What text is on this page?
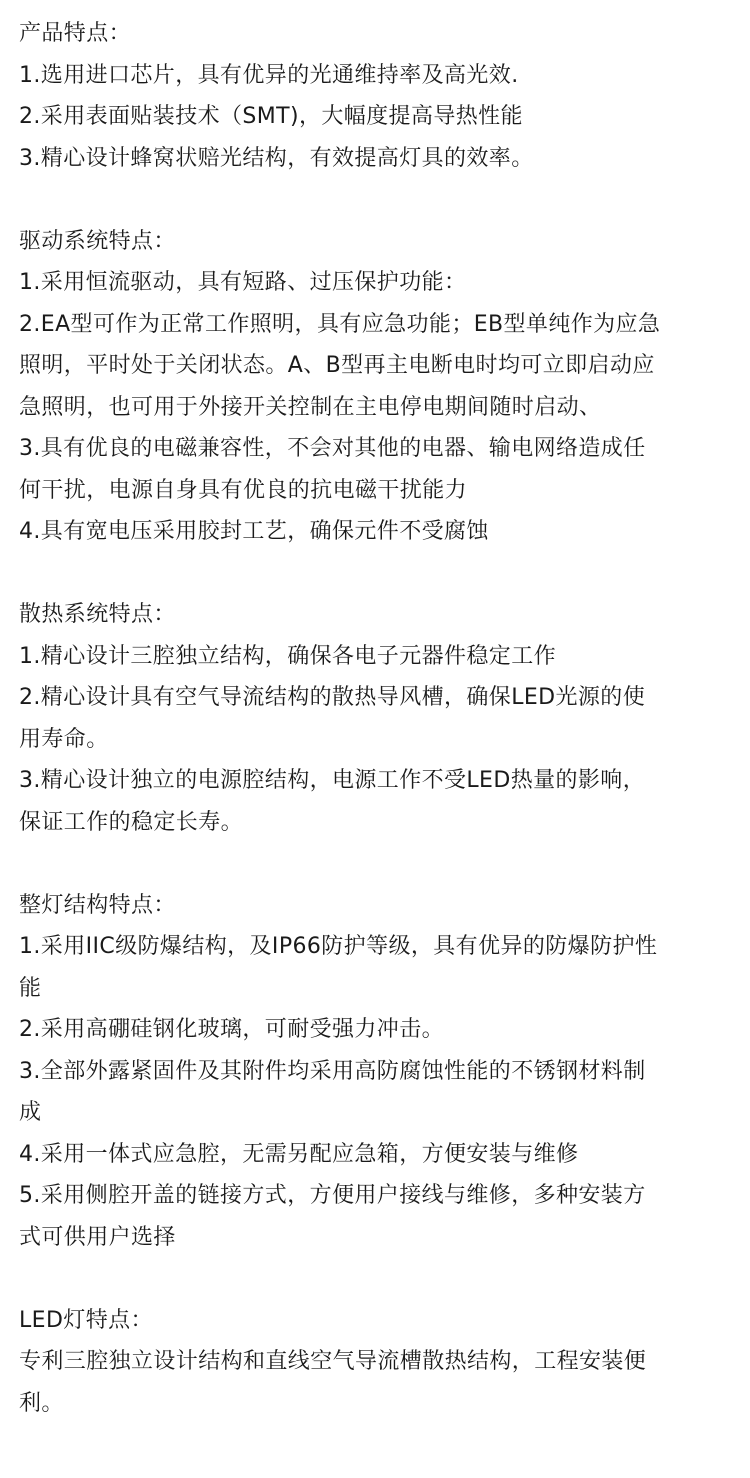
产品特点：
1.选用进口芯片，具有优异的光通维持率及高光效.
2.采用表面贴装技术（SMT)，大幅度提高导热性能
3.精心设计蜂窝状赔光结构，有效提高灯具的效率。
驱动系统特点：
1.采用恒流驱动，具有短路、过压保护功能：
2.EA型可作为正常工作照明，具有应急功能；EB型单纯作为应急
照明，平时处于关闭状态。A、B型再主电断电时均可立即启动应
急照明，也可用于外接开关控制在主电停电期间随时启动、
3.具有优良的电磁兼容性，不会对其他的电器、输电网络造成任
何干扰，电源自身具有优良的抗电磁干扰能力
4.具有宽电压采用胶封工艺，确保元件不受腐蚀
散热系统特点：
1.精心设计三腔独立结构，确保各电子元器件稳定工作
2.精心设计具有空气导流结构的散热导风槽，确保LED光源的使
用寿命。
3.精心设计独立的电源腔结构，电源工作不受LED热量的影响，
保证工作的稳定长寿。
整灯结构特点：
1.采用IIC级防爆结构，及IP66防护等级，具有优异的防爆防护性
能
2.采用高硼硅钢化玻璃，可耐受强力冲击。
3.全部外露紧固件及其附件均采用高防腐蚀性能的不锈钢材料制
成
4.采用一体式应急腔，无需另配应急箱，方便安装与维修
5.采用侧腔开盖的链接方式，方便用户接线与维修，多种安装方
式可供用户选择
LED灯特点：
专利三腔独立设计结构和直线空气导流槽散热结构，工程安装便
利。
